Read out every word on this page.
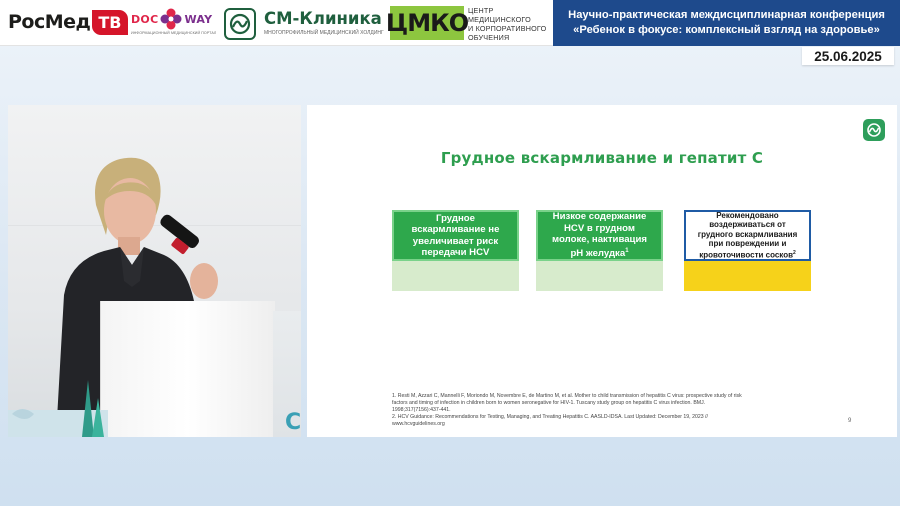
РосМед ТВ DOC WAY
ИНФОРМАЦИОННЫЙ МЕДИЦИНСКИЙ ПОРТАЛ
СМ-Клиника
МНОГОПРОФИЛЬНЫЙ МЕДИЦИНСКИЙ ХОЛДИНГ ЦМКО ЦЕНТР
МЕДИЦИНСКОГО
И КОРПОРАТИВНОГО
ОБУЧЕНИЯ
Научно-практическая междисциплинарная конференция
«Ребенок в фокусе: комплексный взгляд на здоровье»
25.06.2025
С
Грудное вскармливание и гепатит С
Грудное
вскармливание не
увеличивает риск
передачи HCV
Низкое содержание
HCV в грудном
молоке, нактивация
рН желудка$^1$
Рекомендовано
воздерживаться от
грудного вскармливания
при повреждении и
кровоточивости сосков$^2$
1. Resti M, Azzari C, Mannelli F, Moriondo M, Novembre E, de Martino M, et al. Mother to child transmission of hepatitis C virus: prospective study of risk
factors and timing of infection in children born to women seronegative for HIV-1. Tuscany study group on hepatitis C virus infection. BMJ.
1998;317(7156):437-441.
2. HCV Guidance: Recommendations for Testing, Managing, and Treating Hepatitis C. AASLD-IDSA. Last Updated: December 19, 2023 //
www.hcvguidelines.org	9
